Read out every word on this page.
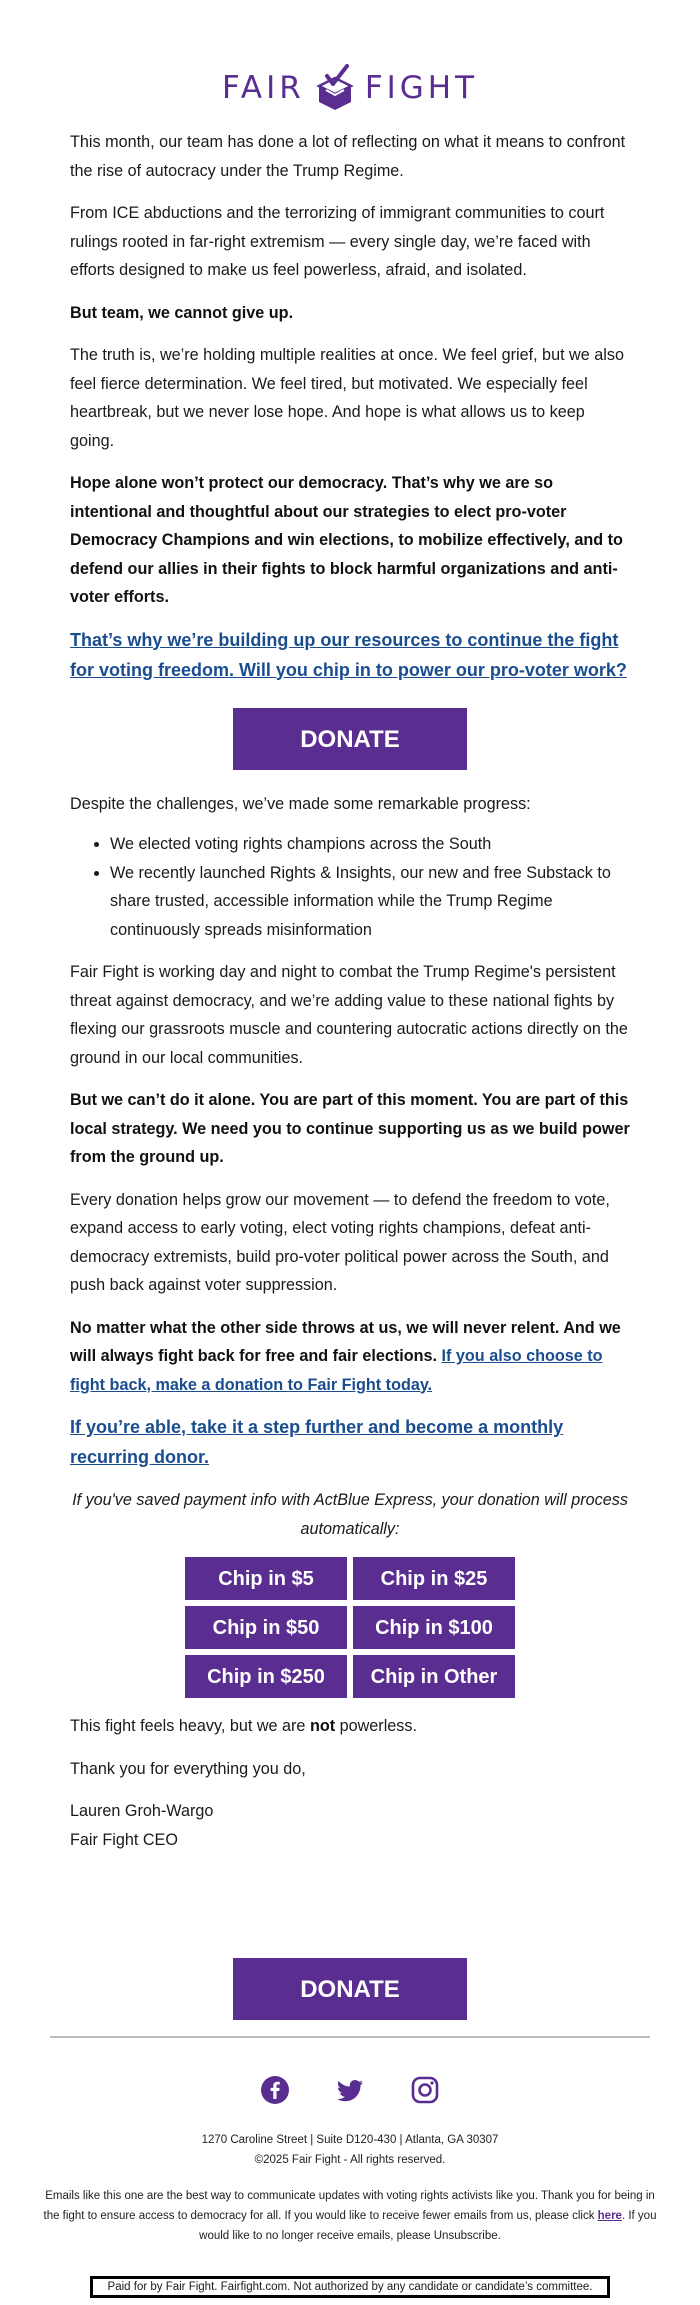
FAIR FIGHT

This month, our team has done a lot of reflecting on what it means to confront the rise of autocracy under the Trump Regime.

From ICE abductions and the terrorizing of immigrant communities to court rulings rooted in far-right extremism — every single day, we’re faced with efforts designed to make us feel powerless, afraid, and isolated.

But team, we cannot give up.

The truth is, we’re holding multiple realities at once. We feel grief, but we also feel fierce determination. We feel tired, but motivated. We especially feel heartbreak, but we never lose hope. And hope is what allows us to keep going.

Hope alone won’t protect our democracy. That’s why we are so intentional and thoughtful about our strategies to elect pro-voter Democracy Champions and win elections, to mobilize effectively, and to defend our allies in their fights to block harmful organizations and anti-voter efforts.

That’s why we’re building up our resources to continue the fight for voting freedom. Will you chip in to power our pro-voter work?

DONATE

Despite the challenges, we’ve made some remarkable progress:

• We elected voting rights champions across the South
• We recently launched Rights & Insights, our new and free Substack to share trusted, accessible information while the Trump Regime continuously spreads misinformation

Fair Fight is working day and night to combat the Trump Regime's persistent threat against democracy, and we’re adding value to these national fights by flexing our grassroots muscle and countering autocratic actions directly on the ground in our local communities.

But we can’t do it alone. You are part of this moment. You are part of this local strategy. We need you to continue supporting us as we build power from the ground up.

Every donation helps grow our movement — to defend the freedom to vote, expand access to early voting, elect voting rights champions, defeat anti-democracy extremists, build pro-voter political power across the South, and push back against voter suppression.

No matter what the other side throws at us, we will never relent. And we will always fight back for free and fair elections. If you also choose to fight back, make a donation to Fair Fight today.

If you’re able, take it a step further and become a monthly recurring donor.

If you've saved payment info with ActBlue Express, your donation will process automatically:

Chip in $5	Chip in $25
Chip in $50	Chip in $100
Chip in $250	Chip in Other

This fight feels heavy, but we are not powerless.

Thank you for everything you do,

Lauren Groh-Wargo

Fair Fight CEO

DONATE

1270 Caroline Street | Suite D120-430 | Atlanta, GA 30307

©2025 Fair Fight - All rights reserved.

Emails like this one are the best way to communicate updates with voting rights activists like you. Thank you for being in the fight to ensure access to democracy for all. If you would like to receive fewer emails from us, please click here. If you would like to no longer receive emails, please Unsubscribe.

Paid for by Fair Fight. Fairfight.com. Not authorized by any candidate or candidate’s committee.
